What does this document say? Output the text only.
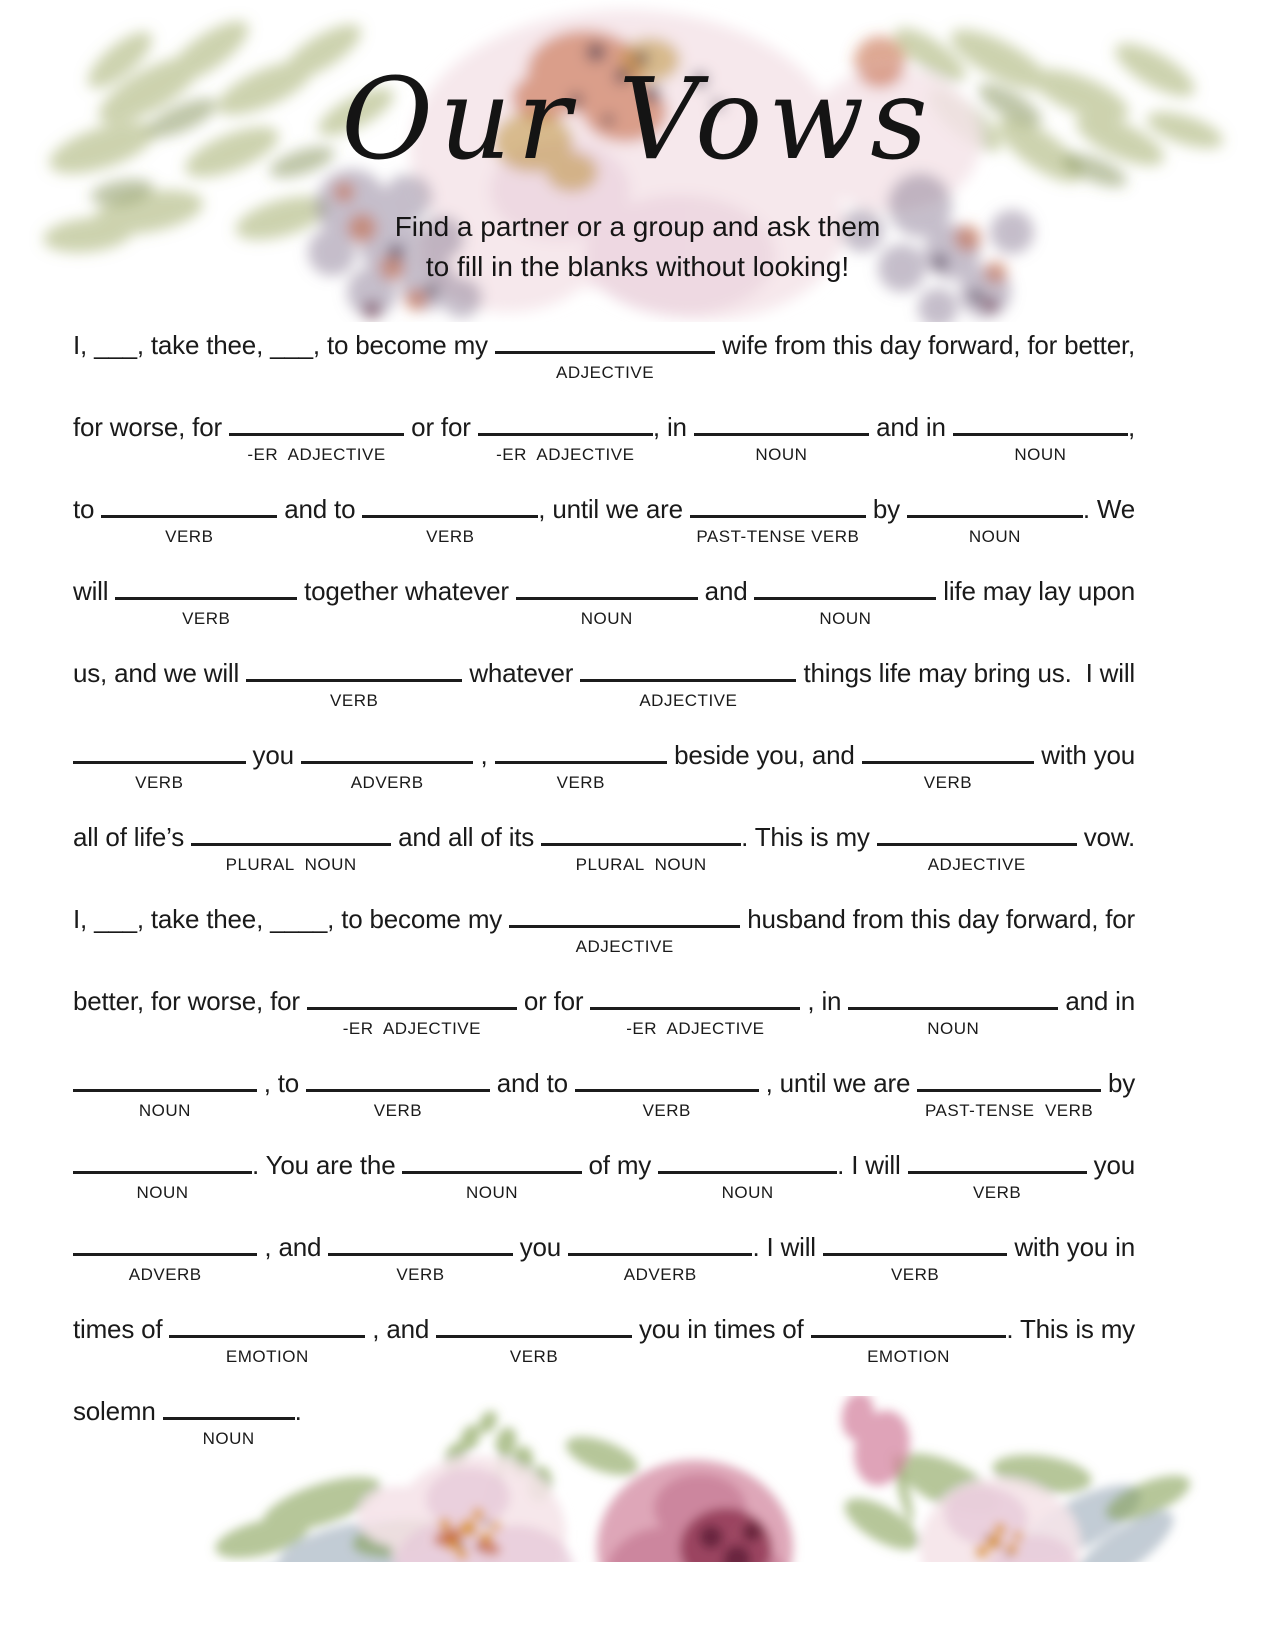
Our Vows
Find a partner or a group and ask them
to fill in the blanks without looking!
I, ___, take thee, ___, to become my
ADJECTIVE
wife from this day forward, for better,
for worse, for
-ER  ADJECTIVE
or for
-ER  ADJECTIVE
, in
NOUN
and in
NOUN
,
to
VERB
and to
VERB
, until we are
PAST-TENSE VERB
by
NOUN
. We
will
VERB
together whatever
NOUN
and
NOUN
life may lay upon
us, and we will
VERB
whatever
ADJECTIVE
things life may bring us.  I will
VERB
you
ADVERB
,
VERB
beside you, and
VERB
with you
all of life’s
PLURAL  NOUN
and all of its
PLURAL  NOUN
. This is my
ADJECTIVE
vow.
I, ___, take thee, ____, to become my
ADJECTIVE
husband from this day forward, for
better, for worse, for
-ER  ADJECTIVE
or for
-ER  ADJECTIVE
, in
NOUN
and in
NOUN
, to
VERB
and to
VERB
, until we are
PAST-TENSE  VERB
by
NOUN
. You are the
NOUN
of my
NOUN
. I will
VERB
you
ADVERB
, and
VERB
you
ADVERB
. I will
VERB
with you in
times of
EMOTION
, and
VERB
you in times of
EMOTION
. This is my
solemn
NOUN
.
